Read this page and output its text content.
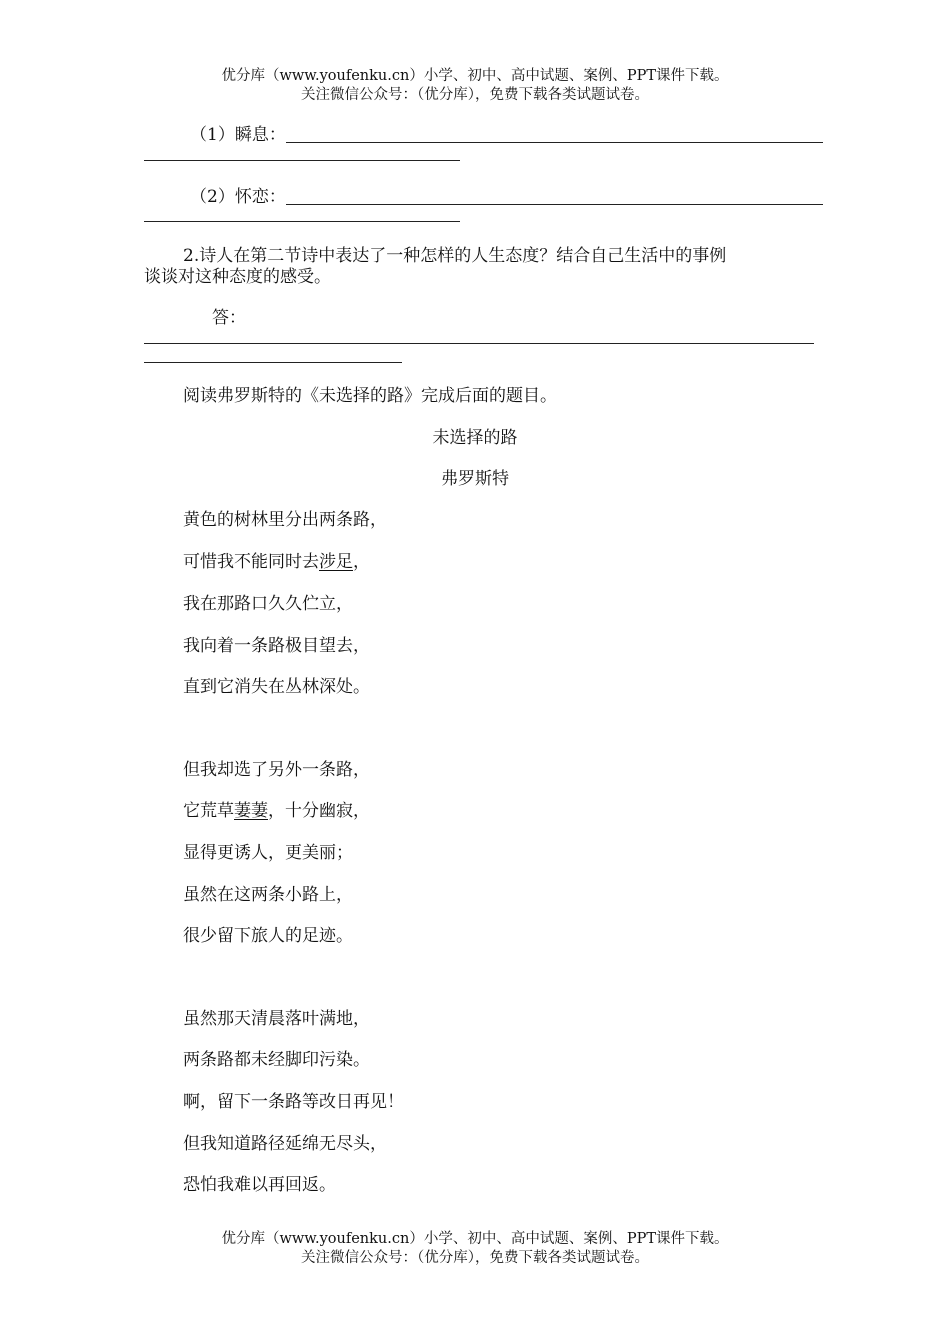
优分库（www.youfenku.cn）小学、初中、高中试题、案例、PPT课件下载。
关注微信公众号：（优分库），免费下载各类试题试卷。
（1）瞬息：
（2）怀恋：
2.诗人在第二节诗中表达了一种怎样的人生态度？结合自己生活中的事例
谈谈对这种态度的感受。
答：
阅读弗罗斯特的《未选择的路》完成后面的题目。
未选择的路
弗罗斯特
黄色的树林里分出两条路，
可惜我不能同时去涉足，
我在那路口久久伫立，
我向着一条路极目望去，
直到它消失在丛林深处。
但我却选了另外一条路，
它荒草萋萋，十分幽寂，
显得更诱人，更美丽；
虽然在这两条小路上，
很少留下旅人的足迹。
虽然那天清晨落叶满地，
两条路都未经脚印污染。
啊，留下一条路等改日再见！
但我知道路径延绵无尽头，
恐怕我难以再回返。
优分库（www.youfenku.cn）小学、初中、高中试题、案例、PPT课件下载。
关注微信公众号：（优分库），免费下载各类试题试卷。
